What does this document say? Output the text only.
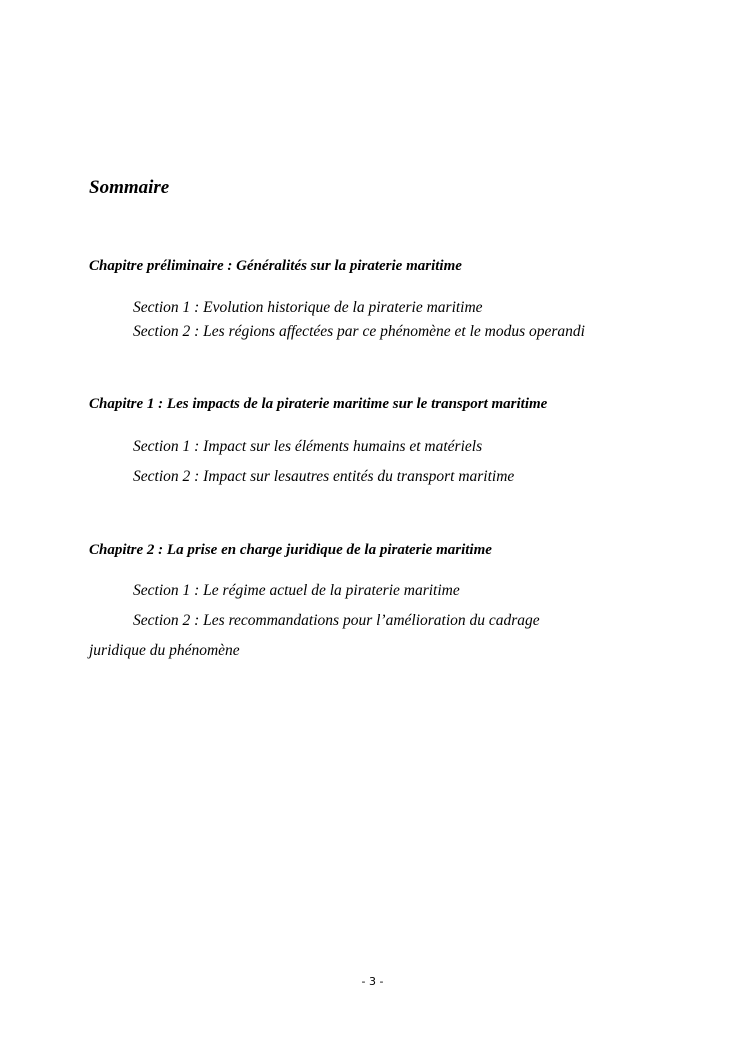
Sommaire
Chapitre préliminaire : Généralités sur la piraterie maritime
Section 1 : Evolution historique de la piraterie maritime
Section 2 : Les régions affectées par ce phénomène et le modus operandi
Chapitre 1 : Les impacts de la piraterie maritime sur le transport maritime
Section 1 : Impact sur les éléments humains et matériels
Section 2 : Impact sur lesautres entités du transport maritime
Chapitre 2 : La prise en charge juridique de la piraterie maritime
Section 1 : Le régime actuel de la piraterie maritime
Section 2 : Les recommandations pour l’amélioration du cadrage
juridique du phénomène
- 3 -
